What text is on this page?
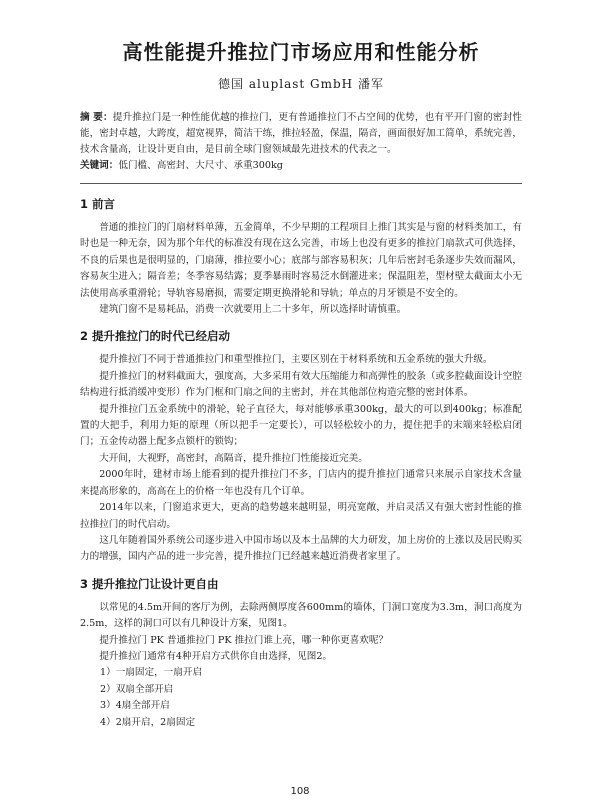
高性能提升推拉门市场应用和性能分析
德国 aluplast GmbH 潘军
摘 要：提升推拉门是一种性能优越的推拉门，更有普通推拉门不占空间的优势，也有平开门窗的密封性能，密封卓越，大跨度，超宽视界，简洁干练，推拉轻盈，保温，隔音，画面很好加工简单，系统完善，技术含量高，让设计更自由，是目前全球门窗领域最先进技术的代表之一。
关键词：低门槛、高密封、大尺寸、承重300kg
1 前言

普通的推拉门的门扇材料单薄，五金简单，不少早期的工程项目上推门其实是与窗的材料类加工，有时也是一种无奈，因为那个年代的标准没有现在这么完善，市场上也没有更多的推拉门扇款式可供选择，不良的后果也是很明显的，门扇薄，推拉要小心；底部与部容易积灰；几年后密封毛条逐步失效而漏风，容易灰尘进入；隔音差；冬季容易结露；夏季暴雨时容易泛水倒灌进来；保温阻差，型材壁太截面太小无法使用高承重滑轮；导轨容易磨损，需要定期更换滑轮和导轨；单点的月牙锁是不安全的。

建筑门窗不是易耗品，消费一次就要用上二十多年，所以选择时请慎重。

2 提升推拉门的时代已经启动

提升推拉门不同于普通推拉门和重型推拉门，主要区别在于材料系统和五金系统的强大升级。

提升推拉门的材料截面大，强度高，大多采用有效大压缩能力和高弹性的胶条（或多腔截面设计空腔结构进行抵消缓冲变形）作为门框和门扇之间的主密封，并在其他部位构造完整的密封体系。

提升推拉门五金系统中的滑轮，轮子直径大，每对能够承重300kg，最大的可以到400kg；标准配置的大把手，利用力矩的原理（所以把手一定要长），可以轻松较小的力，提住把手的末端来轻松启闭门；五金传动器上配多点锁杆的锁钩；

大开间，大视野，高密封，高隔音，提升推拉门性能接近完美。

2000年时，建材市场上能看到的提升推拉门不多，门店内的提升推拉门通常只来展示自家技术含量来提高形象的，高高在上的价格一年也没有几个订单。

2014年以来，门窗追求更大，更高的趋势越来越明显，明亮宽敞，并启灵活又有强大密封性能的推拉推拉门的时代启动。

这几年随着国外系统公司逐步进入中国市场以及本土品牌的大力研发，加上房价的上涨以及居民购买力的增强，国内产品的进一步完善，提升推拉门已经越来越近消费者家里了。

3 提升推拉门让设计更自由

以常见的4.5m开间的客厅为例，去除两侧厚度各600mm的墙体，门洞口宽度为3.3m，洞口高度为2.5m，这样的洞口可以有几种设计方案，见图1。

提升推拉门 PK 普通推拉门 PK 推拉门谁上亮，哪一种你更喜欢呢？

提升推拉门通常有4种开启方式供你自由选择，见图2。

1）一扇固定，一扇开启

2）双扇全部开启

3）4扇全部开启

4）2扇开启，2扇固定

108
